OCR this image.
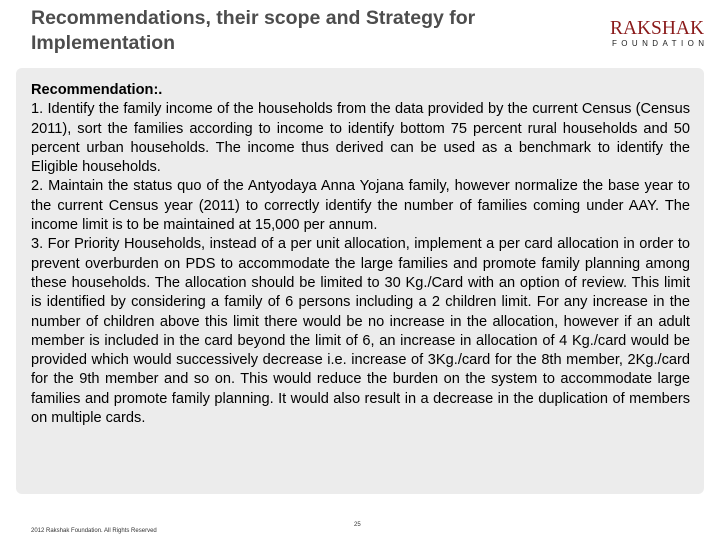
Recommendations, their scope and Strategy for Implementation
RAKSHAK
FOUNDATION

Recommendation:.

1. Identify the family income of the households from the data provided by the current Census (Census 2011), sort the families according to income to identify bottom 75 percent rural households and 50 percent urban households. The income thus derived can be used as a benchmark to identify the Eligible households.

2. Maintain the status quo of the Antyodaya Anna Yojana family, however normalize the base year to the current Census year (2011) to correctly identify the number of families coming under AAY. The income limit is to be maintained at 15,000 per annum.

3. For Priority Households, instead of a per unit allocation, implement a per card allocation in order to prevent overburden on PDS to accommodate the large families and promote family planning among these households. The allocation should be limited to 30 Kg./Card with an option of review. This limit is identified by considering a family of 6 persons including a 2 children limit. For any increase in the number of children above this limit there would be no increase in the allocation, however if an adult member is included in the card beyond the limit of 6, an increase in allocation of 4 Kg./card would be provided which would successively decrease i.e. increase of 3Kg./card for the 8th member, 2Kg./card for the 9th member and so on. This would reduce the burden on the system to accommodate large families and promote family planning. It would also result in a decrease in the duplication of members on multiple cards.

2012 Rakshak Foundation. All Rights Reserved
25
